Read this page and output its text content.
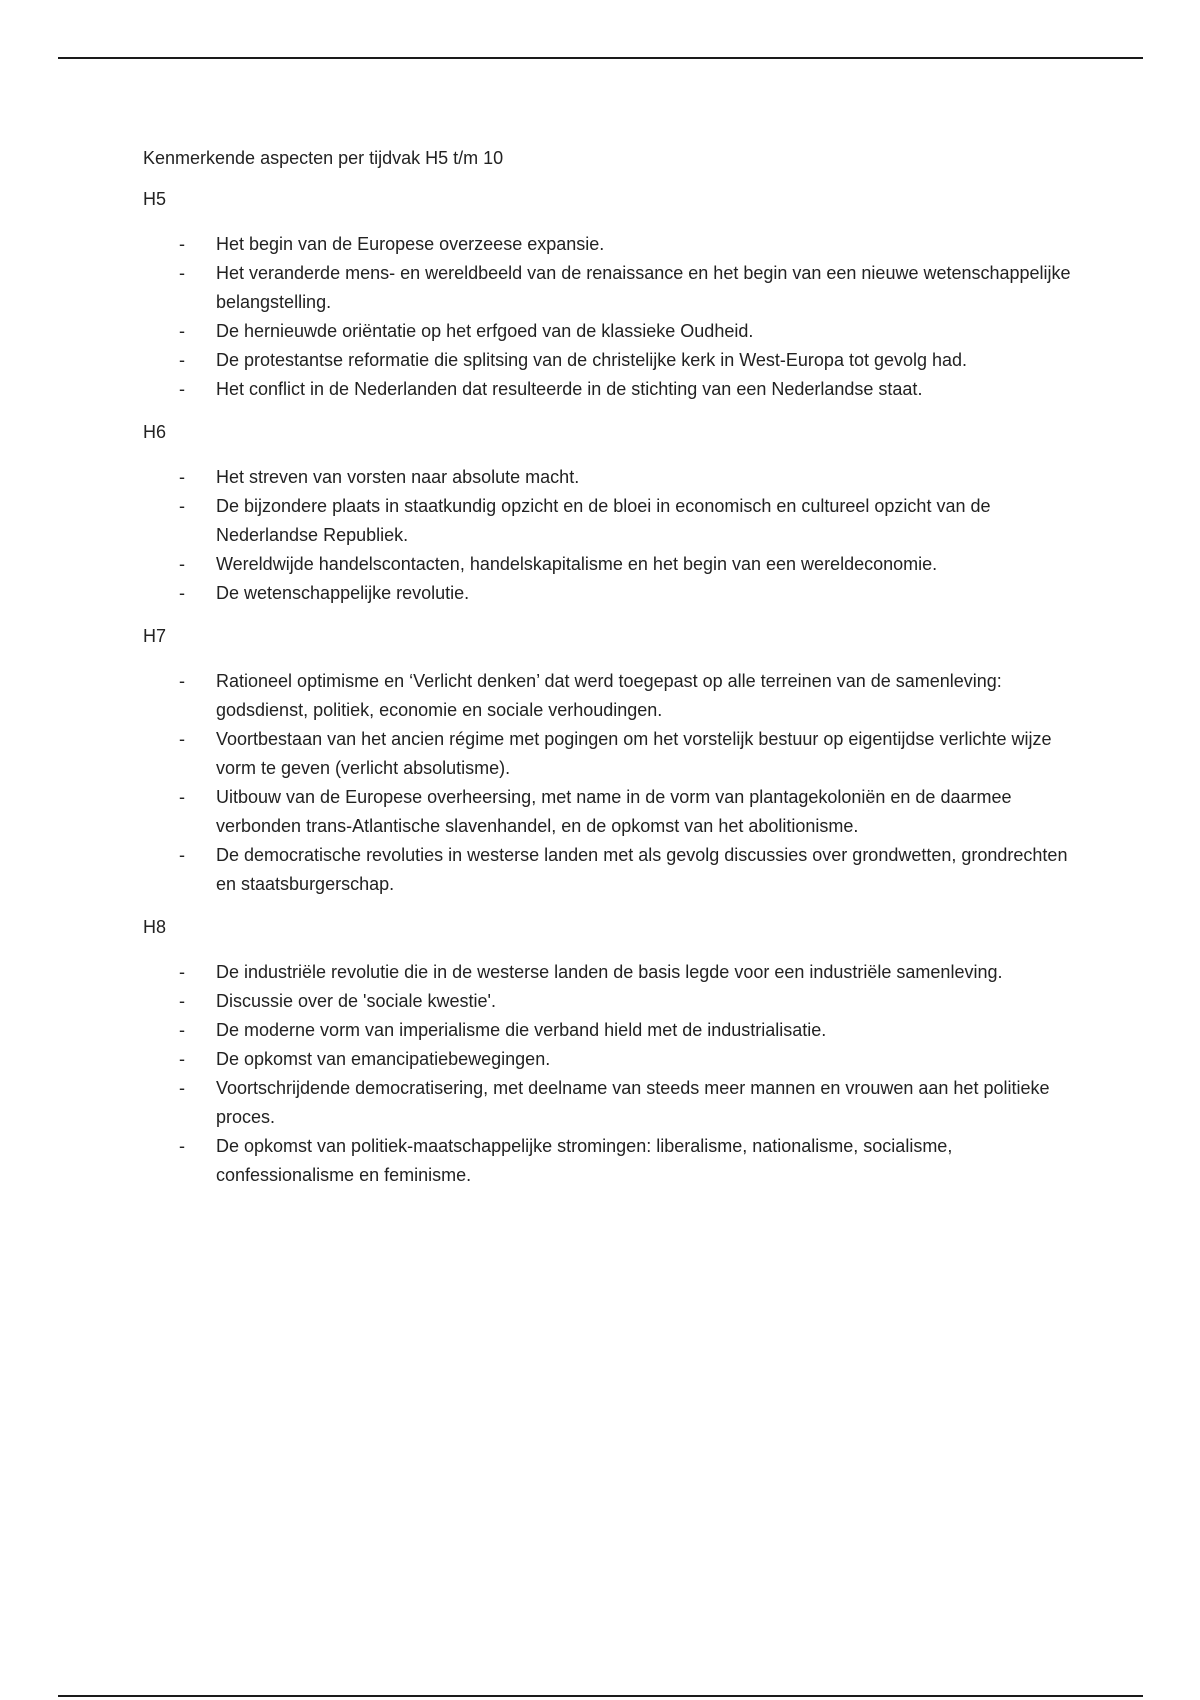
Kenmerkende aspecten per tijdvak H5 t/m 10

H5

- Het begin van de Europese overzeese expansie.
- Het veranderde mens- en wereldbeeld van de renaissance en het begin van een nieuwe wetenschappelijke belangstelling.
- De hernieuwde oriëntatie op het erfgoed van de klassieke Oudheid.
- De protestantse reformatie die splitsing van de christelijke kerk in West-Europa tot gevolg had.
- Het conflict in de Nederlanden dat resulteerde in de stichting van een Nederlandse staat.

H6

- Het streven van vorsten naar absolute macht.
- De bijzondere plaats in staatkundig opzicht en de bloei in economisch en cultureel opzicht van de Nederlandse Republiek.
- Wereldwijde handelscontacten, handelskapitalisme en het begin van een wereldeconomie.
- De wetenschappelijke revolutie.

H7

- Rationeel optimisme en ‘Verlicht denken’ dat werd toegepast op alle terreinen van de samenleving: godsdienst, politiek, economie en sociale verhoudingen.
- Voortbestaan van het ancien régime met pogingen om het vorstelijk bestuur op eigentijdse verlichte wijze vorm te geven (verlicht absolutisme).
- Uitbouw van de Europese overheersing, met name in de vorm van plantagekoloniën en de daarmee verbonden trans-Atlantische slavenhandel, en de opkomst van het abolitionisme.
- De democratische revoluties in westerse landen met als gevolg discussies over grondwetten, grondrechten en staatsburgerschap.

H8

- De industriële revolutie die in de westerse landen de basis legde voor een industriële samenleving.
- Discussie over de 'sociale kwestie'.
- De moderne vorm van imperialisme die verband hield met de industrialisatie.
- De opkomst van emancipatiebewegingen.
- Voortschrijdende democratisering, met deelname van steeds meer mannen en vrouwen aan het politieke proces.
- De opkomst van politiek-maatschappelijke stromingen: liberalisme, nationalisme, socialisme, confessionalisme en feminisme.
